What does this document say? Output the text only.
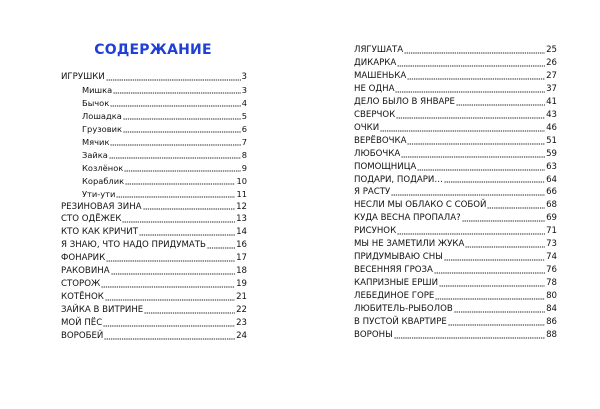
СОДЕРЖАНИЕ
ИГРУШКИ	3
Мишка	3
Бычок	4
Лошадка	5
Грузовик	6
Мячик	7
Зайка	8
Козлёнок	9
Кораблик	10
Ути-ути	11
РЕЗИНОВАЯ ЗИНА	12
СТО ОДЁЖЕК	13
КТО КАК КРИЧИТ	14
Я ЗНАЮ, ЧТО НАДО ПРИДУМАТЬ	16
ФОНАРИК	17
РАКОВИНА	18
СТОРОЖ	19
КОТЁНОК	21
ЗАЙКА В ВИТРИНЕ	22
МОЙ ПЁС	23
ВОРОБЕЙ	24
ЛЯГУШАТА	25
ДИКАРКА	26
МАШЕНЬКА	27
НЕ ОДНА	37
ДЕЛО БЫЛО В ЯНВАРЕ	41
СВЕРЧОК	43
ОЧКИ	46
ВЕРЁВОЧКА	51
ЛЮБОЧКА	59
ПОМОЩНИЦА	63
ПОДАРИ, ПОДАРИ…	64
Я РАСТУ	66
НЕСЛИ МЫ ОБЛАКО С СОБОЙ	68
КУДА ВЕСНА ПРОПАЛА?	69
РИСУНОК	71
МЫ НЕ ЗАМЕТИЛИ ЖУКА	73
ПРИДУМЫВАЮ СНЫ	74
ВЕСЕННЯЯ ГРОЗА	76
КАПРИЗНЫЕ ЕРШИ	78
ЛЕБЕДИНОЕ ГОРЕ	80
ЛЮБИТЕЛЬ-РЫБОЛОВ	84
В ПУСТОЙ КВАРТИРЕ	86
ВОРОНЫ	88
